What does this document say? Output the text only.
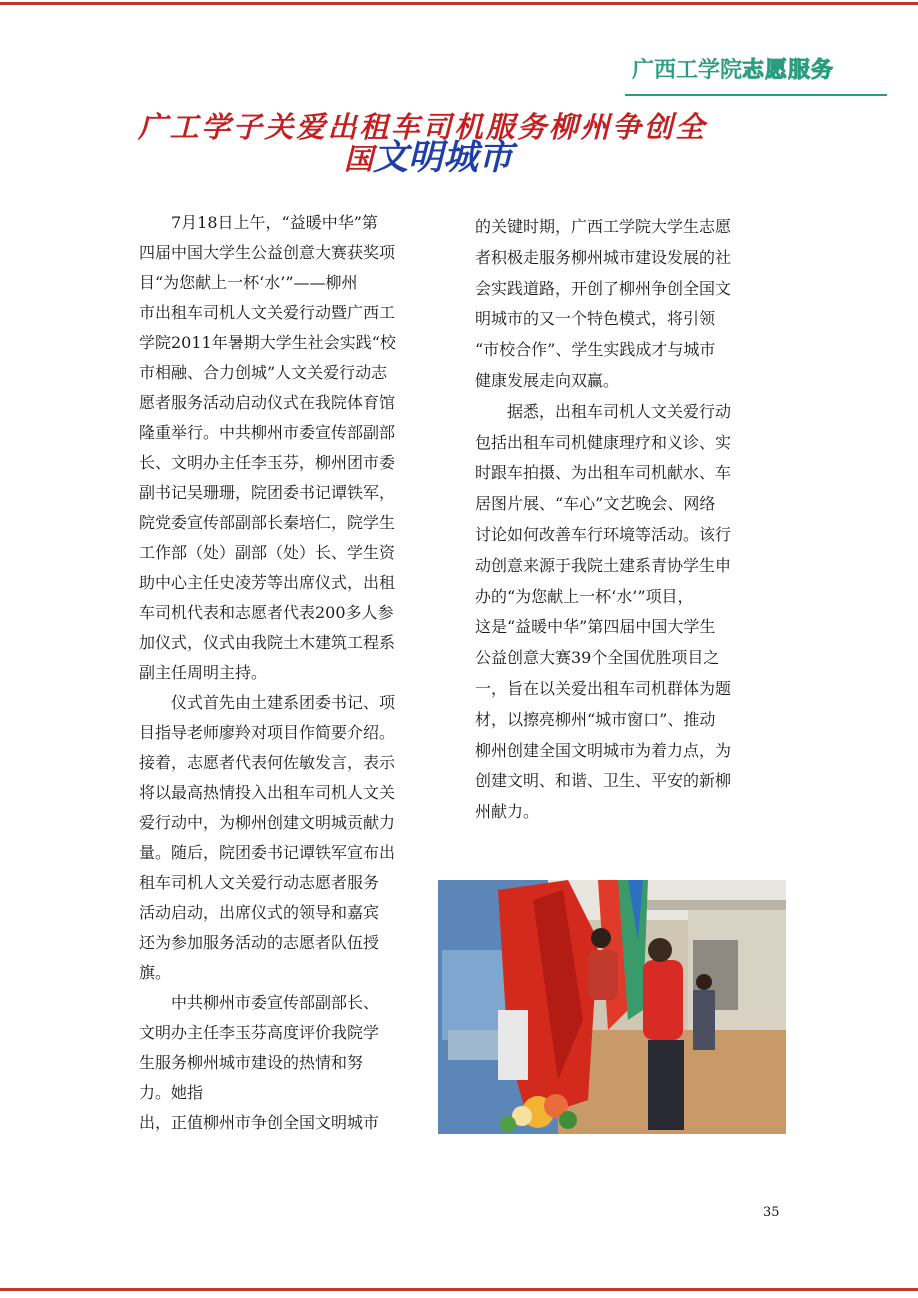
广西工学院志愿服务
广工学子关爱出租车司机服务柳州争创全
国文明城市

　　7月18日上午，“益暖中华”第

四届中国大学生公益创意大赛获奖项

目“为您献上一杯‘水’”——柳州

市出租车司机人文关爱行动暨广西工

学院2011年暑期大学生社会实践“校

市相融、合力创城”人文关爱行动志

愿者服务活动启动仪式在我院体育馆

隆重举行。中共柳州市委宣传部副部

长、文明办主任李玉芬，柳州团市委

副书记吴珊珊，院团委书记谭铁军，

院党委宣传部副部长秦培仁，院学生

工作部（处）副部（处）长、学生资

助中心主任史凌芳等出席仪式，出租

车司机代表和志愿者代表200多人参

加仪式，仪式由我院土木建筑工程系

副主任周明主持。

　　仪式首先由土建系团委书记、项

目指导老师廖羚对项目作简要介绍。

接着，志愿者代表何佐敏发言，表示

将以最高热情投入出租车司机人文关

爱行动中，为柳州创建文明城贡献力

量。随后，院团委书记谭铁军宣布出

租车司机人文关爱行动志愿者服务

活动启动，出席仪式的领导和嘉宾

还为参加服务活动的志愿者队伍授

旗。

　　中共柳州市委宣传部副部长、

文明办主任李玉芬高度评价我院学

生服务柳州城市建设的热情和努

力。她指

出，正值柳州市争创全国文明城市

的关键时期，广西工学院大学生志愿

者积极走服务柳州城市建设发展的社

会实践道路，开创了柳州争创全国文

明城市的又一个特色模式，将引领

“市校合作”、学生实践成才与城市

健康发展走向双赢。

　　据悉，出租车司机人文关爱行动

包括出租车司机健康理疗和义诊、实

时跟车拍摄、为出租车司机献水、车

居图片展、“车心”文艺晚会、网络

讨论如何改善车行环境等活动。该行

动创意来源于我院土建系青协学生申

办的“为您献上一杯‘水’”项目，

这是“益暖中华”第四届中国大学生

公益创意大赛39个全国优胜项目之

一，旨在以关爱出租车司机群体为题

材，以擦亮柳州“城市窗口”、推动

柳州创建全国文明城市为着力点，为

创建文明、和谐、卫生、平安的新柳

州献力。

35
